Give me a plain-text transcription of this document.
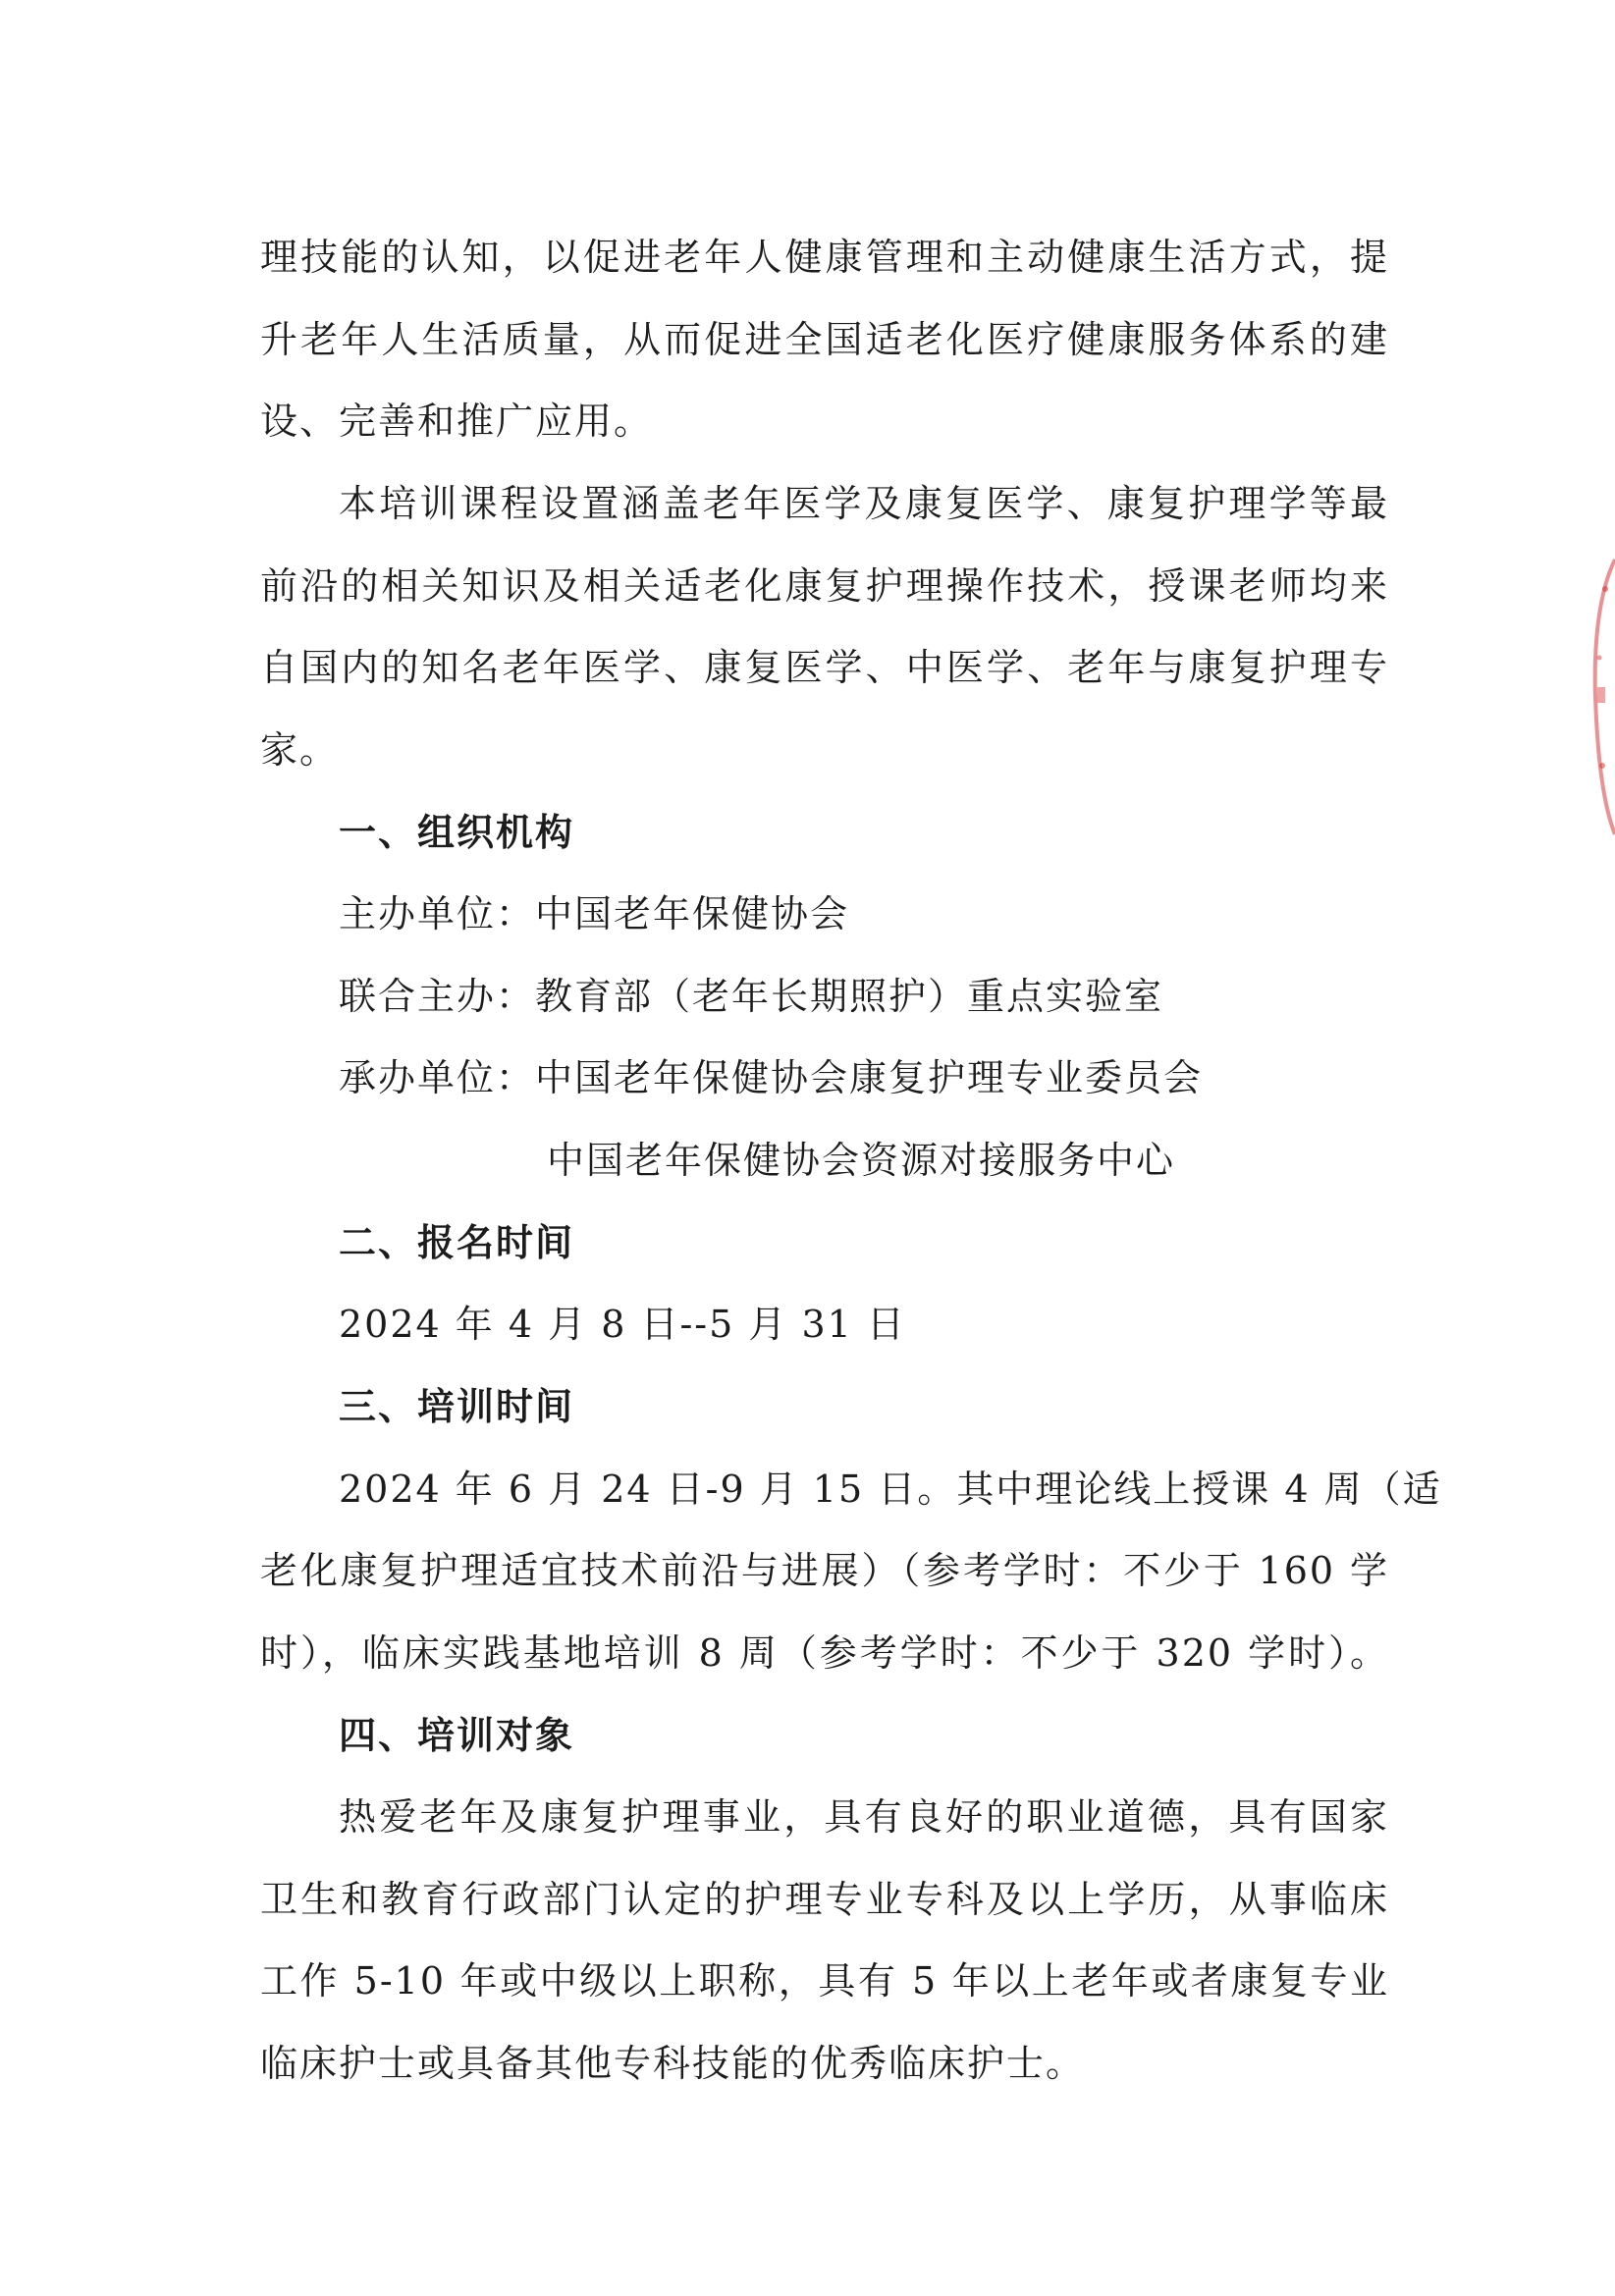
理技能的认知，以促进老年人健康管理和主动健康生活方式，提
升老年人生活质量，从而促进全国适老化医疗健康服务体系的建
设、完善和推广应用。
本培训课程设置涵盖老年医学及康复医学、康复护理学等最
前沿的相关知识及相关适老化康复护理操作技术，授课老师均来
自国内的知名老年医学、康复医学、中医学、老年与康复护理专
家。
一、组织机构
主办单位：中国老年保健协会
联合主办：教育部（老年长期照护）重点实验室
承办单位：中国老年保健协会康复护理专业委员会
中国老年保健协会资源对接服务中心
二、报名时间
2024 年 4 月 8 日--5 月 31 日
三、培训时间
2024 年 6 月 24 日-9 月 15 日。其中理论线上授课 4 周（适
老化康复护理适宜技术前沿与进展）（参考学时：不少于 160 学
时），临床实践基地培训 8 周（参考学时：不少于 320 学时）。
四、培训对象
热爱老年及康复护理事业，具有良好的职业道德，具有国家
卫生和教育行政部门认定的护理专业专科及以上学历，从事临床
工作 5-10 年或中级以上职称，具有 5 年以上老年或者康复专业
临床护士或具备其他专科技能的优秀临床护士。
